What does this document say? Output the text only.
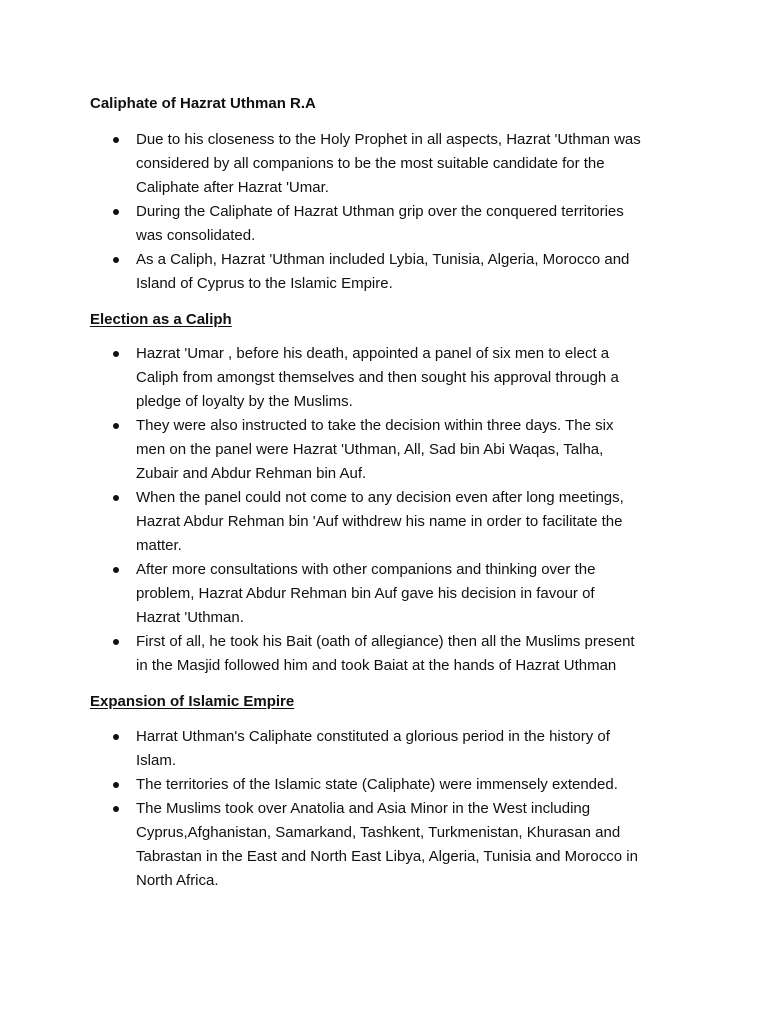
Caliphate of Hazrat Uthman R.A
Due to his closeness to the Holy Prophet in all aspects, Hazrat 'Uthman was
considered by all companions to be the most suitable candidate for the
Caliphate after Hazrat 'Umar.
During the Caliphate of Hazrat Uthman grip over the conquered territories
was consolidated.
As a Caliph, Hazrat 'Uthman included Lybia, Tunisia, Algeria, Morocco and
Island of Cyprus to the Islamic Empire.
Election as a Caliph
Hazrat 'Umar , before his death, appointed a panel of six men to elect a
Caliph from amongst themselves and then sought his approval through a
pledge of loyalty by the Muslims.
They were also instructed to take the decision within three days. The six
men on the panel were Hazrat 'Uthman, All, Sad bin Abi Waqas, Talha,
Zubair and Abdur Rehman bin Auf.
When the panel could not come to any decision even after long meetings,
Hazrat Abdur Rehman bin 'Auf withdrew his name in order to facilitate the
matter.
After more consultations with other companions and thinking over the
problem, Hazrat Abdur Rehman bin Auf gave his decision in favour of
Hazrat 'Uthman.
First of all, he took his Bait (oath of allegiance) then all the Muslims present
in the Masjid followed him and took Baiat at the hands of Hazrat Uthman
Expansion of Islamic Empire
Harrat Uthman's Caliphate constituted a glorious period in the history of
Islam.
The territories of the Islamic state (Caliphate) were immensely extended.
The Muslims took over Anatolia and Asia Minor in the West including
Cyprus,Afghanistan, Samarkand, Tashkent, Turkmenistan, Khurasan and
Tabrastan in the East and North East Libya, Algeria, Tunisia and Morocco in
North Africa.
